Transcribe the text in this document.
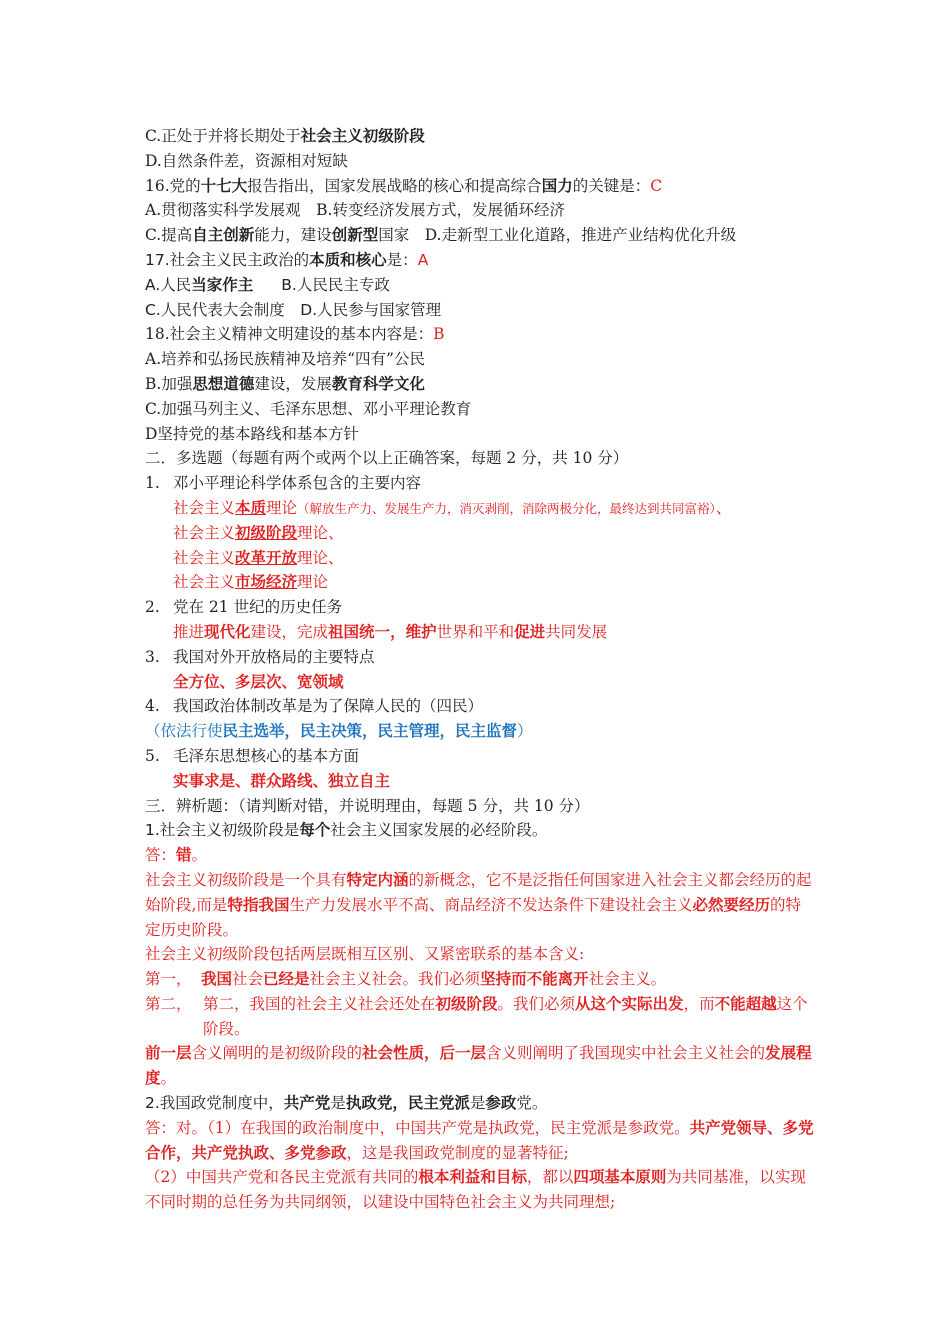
C.正处于并将长期处于社会主义初级阶段
D.自然条件差，资源相对短缺
16.党的十七大报告指出，国家发展战略的核心和提高综合国力的关键是：C
A.贯彻落实科学发展观　B.转变经济发展方式，发展循环经济
C.提高自主创新能力，建设创新型国家　D.走新型工业化道路，推进产业结构优化升级
17.社会主义民主政治的本质和核心是：A
A.人民当家作主 B.人民民主专政
C.人民代表大会制度　D.人民参与国家管理
18.社会主义精神文明建设的基本内容是：B
A.培养和弘扬民族精神及培养“四有”公民
B.加强思想道德建设，发展教育科学文化
C.加强马列主义、毛泽东思想、邓小平理论教育
D坚持党的基本路线和基本方针
二．多选题（每题有两个或两个以上正确答案，每题 2 分，共 10 分）
1. 邓小平理论科学体系包含的主要内容
社会主义本质理论（解放生产力、发展生产力，消灭剥削，消除两极分化，最终达到共同富裕）、
社会主义初级阶段理论、
社会主义改革开放理论、
社会主义市场经济理论
2. 党在 21 世纪的历史任务
推进现代化建设，完成祖国统一，维护世界和平和促进共同发展
3. 我国对外开放格局的主要特点
全方位、多层次、宽领域
4. 我国政治体制改革是为了保障人民的（四民）
（依法行使民主选举，民主决策，民主管理，民主监督）
5. 毛泽东思想核心的基本方面
实事求是、群众路线、独立自主
三．辨析题：（请判断对错，并说明理由，每题 5 分，共 10 分）
1.社会主义初级阶段是每个社会主义国家发展的必经阶段。
答：错。
社会主义初级阶段是一个具有特定内涵的新概念，它不是泛指任何国家进入社会主义都会经历的起始阶段,而是特指我国生产力发展水平不高、商品经济不发达条件下建设社会主义必然要经历的特定历史阶段。
社会主义初级阶段包括两层既相互区别、又紧密联系的基本含义:
第一， 我国社会已经是社会主义社会。我们必须坚持而不能离开社会主义。
第二， 第二，我国的社会主义社会还处在初级阶段。我们必须从这个实际出发，而不能超越这个阶段。
前一层含义阐明的是初级阶段的社会性质，后一层含义则阐明了我国现实中社会主义社会的发展程度。
2.我国政党制度中，共产党是执政党，民主党派是参政党。
答：对。（1）在我国的政治制度中，中国共产党是执政党，民主党派是参政党。共产党领导、多党合作，共产党执政、多党参政，这是我国政党制度的显著特征;
（2）中国共产党和各民主党派有共同的根本利益和目标，都以四项基本原则为共同基准，以实现不同时期的总任务为共同纲领，以建设中国特色社会主义为共同理想;
